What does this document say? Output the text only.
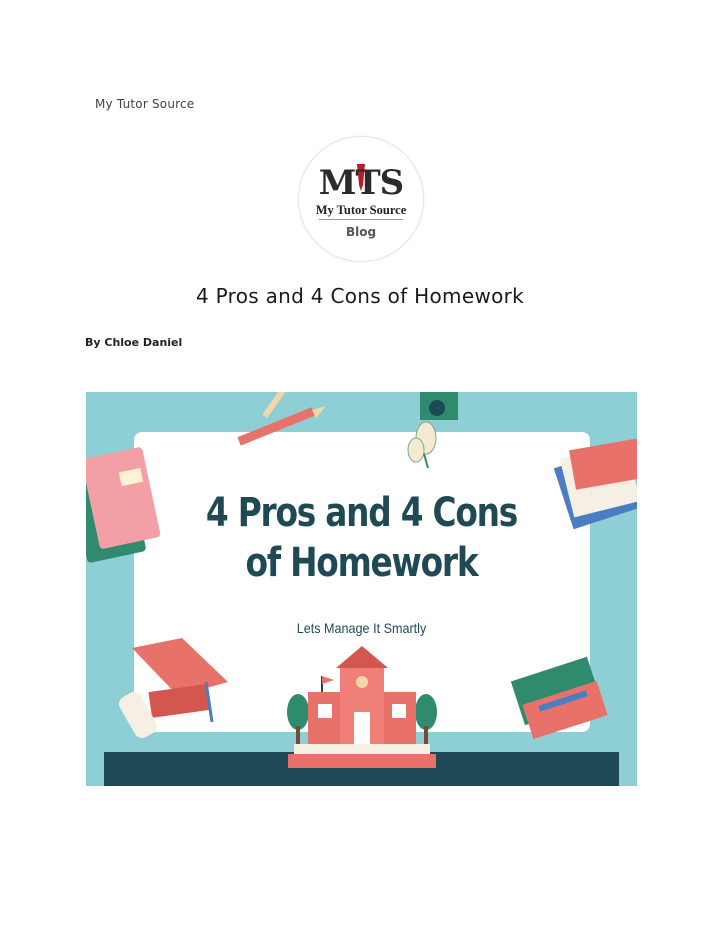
My Tutor Source
MTS
My Tutor Source
Blog
4 Pros and 4 Cons of Homework
By Chloe Daniel
4 Pros and 4 Cons
of Homework
Lets Manage It Smartly
